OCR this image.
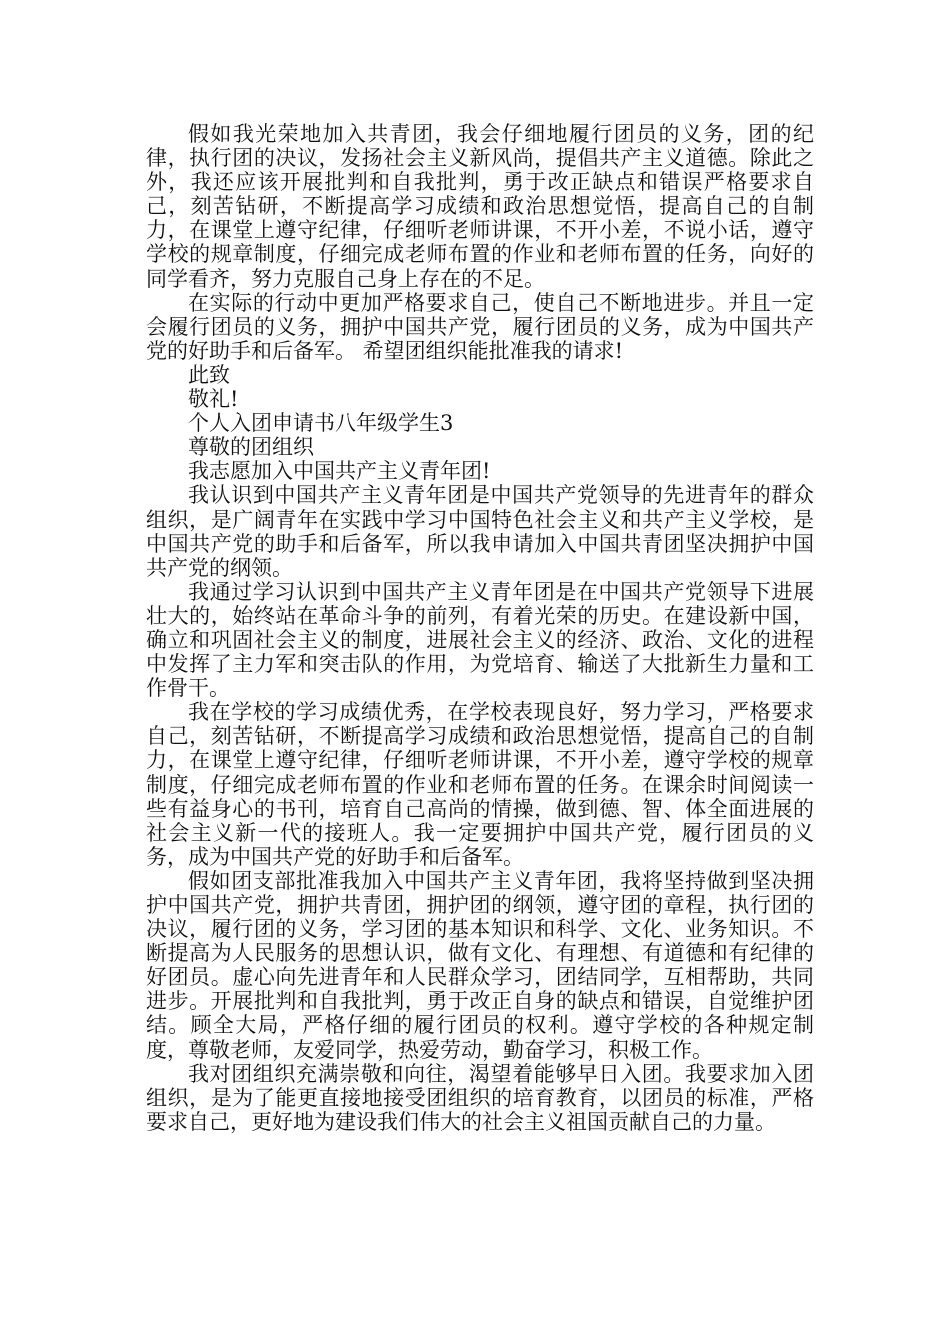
假如我光荣地加入共青团，我会仔细地履行团员的义务，团的纪律，执行团的决议，发扬社会主义新风尚，提倡共产主义道德。除此之外，我还应该开展批判和自我批判，勇于改正缺点和错误严格要求自己，刻苦钻研，不断提高学习成绩和政治思想觉悟，提高自己的自制力，在课堂上遵守纪律，仔细听老师讲课，不开小差，不说小话，遵守学校的规章制度，仔细完成老师布置的作业和老师布置的任务，向好的同学看齐，努力克服自己身上存在的不足。

在实际的行动中更加严格要求自己，使自己不断地进步。并且一定会履行团员的义务，拥护中国共产党，履行团员的义务，成为中国共产党的好助手和后备军。 希望团组织能批准我的请求!

此致

敬礼!

个人入团申请书八年级学生3

尊敬的团组织

我志愿加入中国共产主义青年团!

我认识到中国共产主义青年团是中国共产党领导的先进青年的群众组织，是广阔青年在实践中学习中国特色社会主义和共产主义学校，是中国共产党的助手和后备军，所以我申请加入中国共青团坚决拥护中国共产党的纲领。

我通过学习认识到中国共产主义青年团是在中国共产党领导下进展壮大的，始终站在革命斗争的前列，有着光荣的历史。在建设新中国，确立和巩固社会主义的制度，进展社会主义的经济、政治、文化的进程中发挥了主力军和突击队的作用，为党培育、输送了大批新生力量和工作骨干。

我在学校的学习成绩优秀，在学校表现良好，努力学习，严格要求自己，刻苦钻研，不断提高学习成绩和政治思想觉悟，提高自己的自制力，在课堂上遵守纪律，仔细听老师讲课，不开小差，遵守学校的规章制度，仔细完成老师布置的作业和老师布置的任务。在课余时间阅读一些有益身心的书刊，培育自己高尚的情操，做到德、智、体全面进展的社会主义新一代的接班人。我一定要拥护中国共产党，履行团员的义务，成为中国共产党的好助手和后备军。

假如团支部批准我加入中国共产主义青年团，我将坚持做到坚决拥护中国共产党，拥护共青团，拥护团的纲领，遵守团的章程，执行团的决议，履行团的义务，学习团的基本知识和科学、文化、业务知识。不断提高为人民服务的思想认识，做有文化、有理想、有道德和有纪律的好团员。虚心向先进青年和人民群众学习，团结同学，互相帮助，共同进步。开展批判和自我批判，勇于改正自身的缺点和错误，自觉维护团结。顾全大局，严格仔细的履行团员的权利。遵守学校的各种规定制度，尊敬老师，友爱同学，热爱劳动，勤奋学习，积极工作。

我对团组织充满崇敬和向往，渴望着能够早日入团。我要求加入团组织，是为了能更直接地接受团组织的培育教育，以团员的标准，严格要求自己，更好地为建设我们伟大的社会主义祖国贡献自己的力量。
